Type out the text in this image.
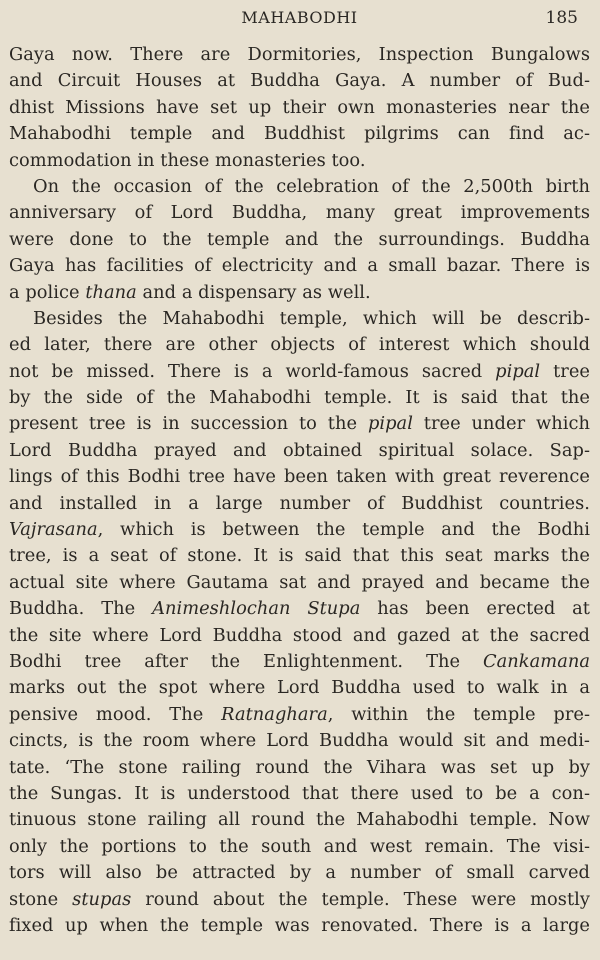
MAHABODHI	185
Gaya now. There are Dormitories, Inspection Bungalows
and Circuit Houses at Buddha Gaya. A number of Bud-
dhist Missions have set up their own monasteries near the
Mahabodhi temple and Buddhist pilgrims can find ac-
commodation in these monasteries too.
On the occasion of the celebration of the 2,500th birth
anniversary of Lord Buddha, many great improvements
were done to the temple and the surroundings. Buddha
Gaya has facilities of electricity and a small bazar. There is
a police thana and a dispensary as well.
Besides the Mahabodhi temple, which will be describ-
ed later, there are other objects of interest which should
not be missed. There is a world-famous sacred pipal tree
by the side of the Mahabodhi temple. It is said that the
present tree is in succession to the pipal tree under which
Lord Buddha prayed and obtained spiritual solace. Sap-
lings of this Bodhi tree have been taken with great reverence
and installed in a large number of Buddhist countries.
Vajrasana, which is between the temple and the Bodhi
tree, is a seat of stone. It is said that this seat marks the
actual site where Gautama sat and prayed and became the
Buddha. The Animeshlochan Stupa has been erected at
the site where Lord Buddha stood and gazed at the sacred
Bodhi tree after the Enlightenment. The Cankamana
marks out the spot where Lord Buddha used to walk in a
pensive mood. The Ratnaghara, within the temple pre-
cincts, is the room where Lord Buddha would sit and medi-
tate. ‘The stone railing round the Vihara was set up by
the Sungas. It is understood that there used to be a con-
tinuous stone railing all round the Mahabodhi temple. Now
only the portions to the south and west remain. The visi-
tors will also be attracted by a number of small carved
stone stupas round about the temple. These were mostly
fixed up when the temple was renovated. There is a large
